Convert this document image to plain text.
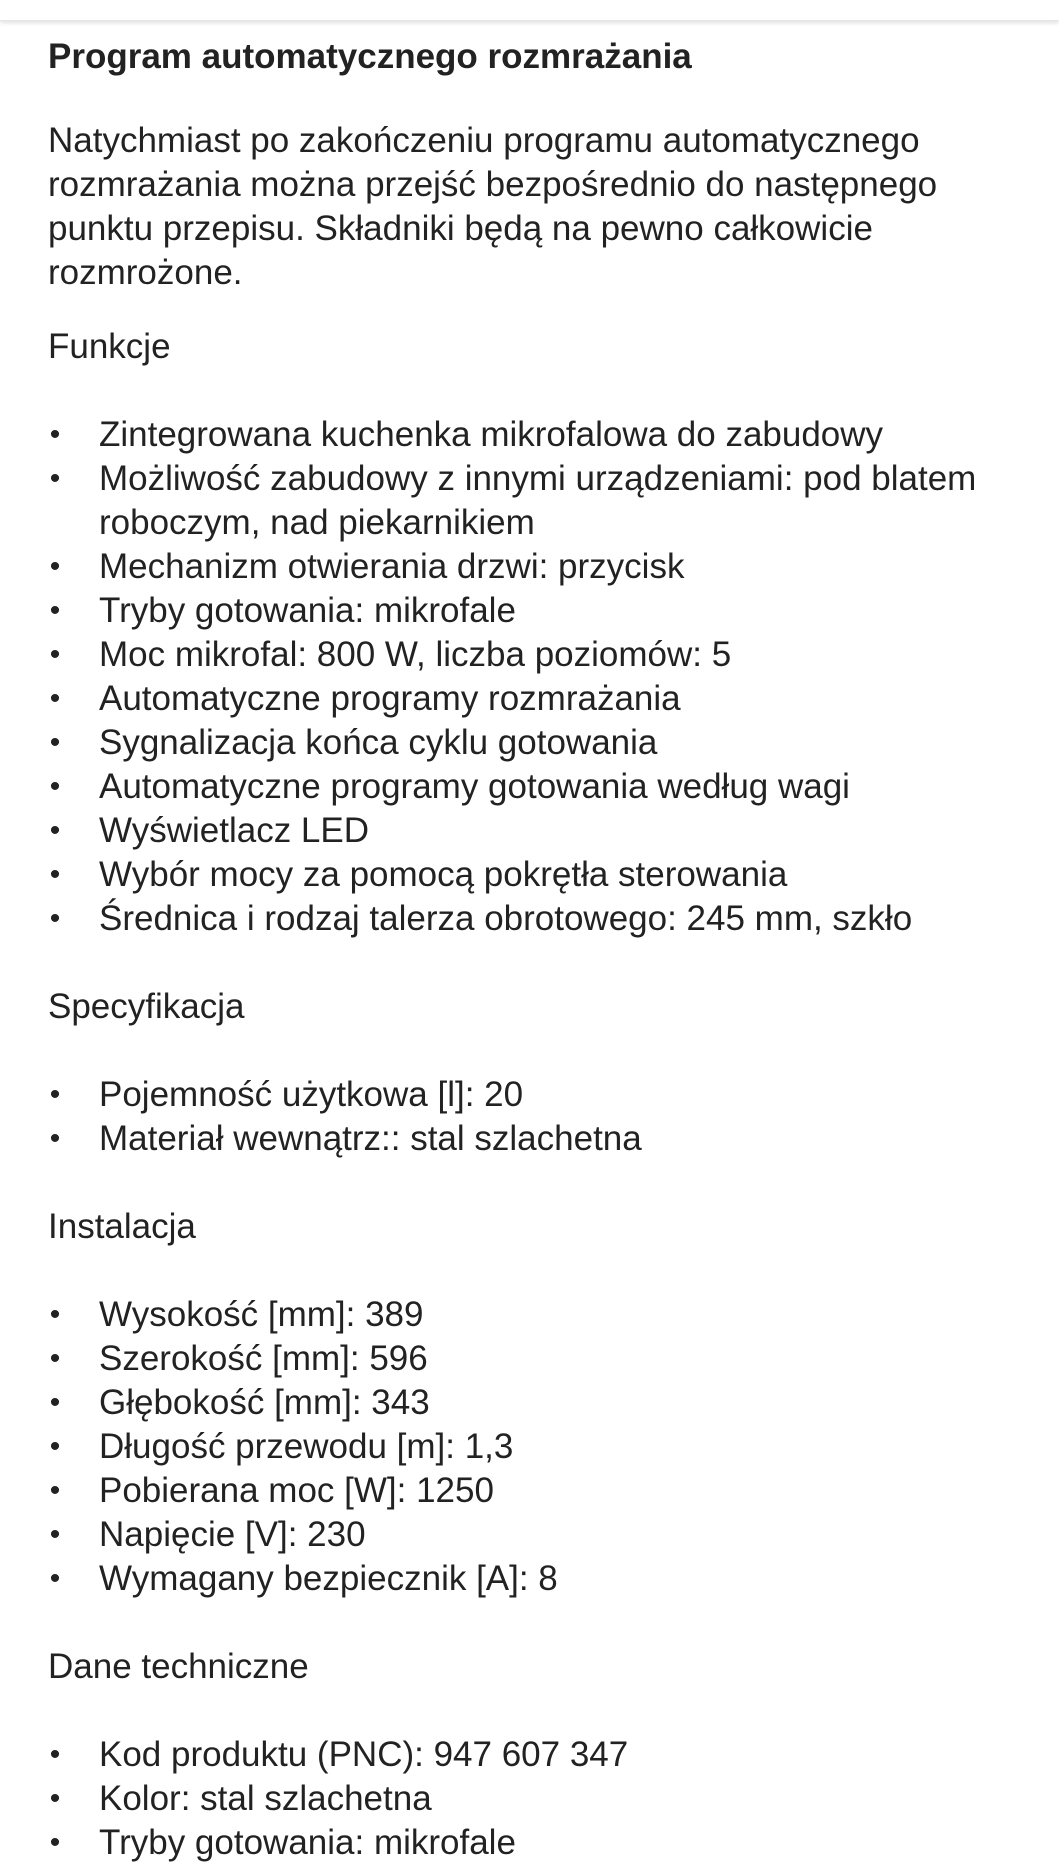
Program automatycznego rozmrażania

Natychmiast po zakończeniu programu automatycznego rozmrażania można przejść bezpośrednio do następnego punktu przepisu. Składniki będą na pewno całkowicie rozmrożone.

Funkcje
• Zintegrowana kuchenka mikrofalowa do zabudowy
• Możliwość zabudowy z innymi urządzeniami: pod blatem roboczym, nad piekarnikiem
• Mechanizm otwierania drzwi: przycisk
• Tryby gotowania: mikrofale
• Moc mikrofal: 800 W, liczba poziomów: 5
• Automatyczne programy rozmrażania
• Sygnalizacja końca cyklu gotowania
• Automatyczne programy gotowania według wagi
• Wyświetlacz LED
• Wybór mocy za pomocą pokrętła sterowania
• Średnica i rodzaj talerza obrotowego: 245 mm, szkło
Specyfikacja
• Pojemność użytkowa [l]: 20
• Materiał wewnątrz:: stal szlachetna
Instalacja
• Wysokość [mm]: 389
• Szerokość [mm]: 596
• Głębokość [mm]: 343
• Długość przewodu [m]: 1,3
• Pobierana moc [W]: 1250
• Napięcie [V]: 230
• Wymagany bezpiecznik [A]: 8
Dane techniczne
• Kod produktu (PNC): 947 607 347
• Kolor: stal szlachetna
• Tryby gotowania: mikrofale
